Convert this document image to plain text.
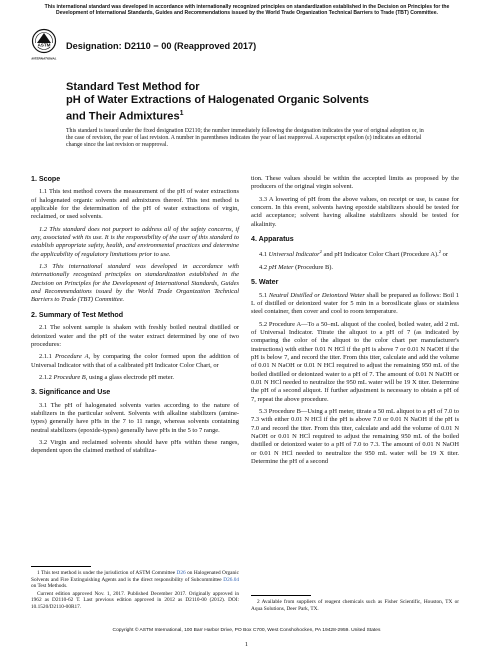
This international standard was developed in accordance with internationally recognized principles on standardization established in the Decision on Principles for the Development of International Standards, Guides and Recommendations issued by the World Trade Organization Technical Barriers to Trade (TBT) Committee.
ASTM
INTERNATIONAL
Designation: D2110 − 00 (Reapproved 2017)
Standard Test Method for
pH of Water Extractions of Halogenated Organic Solvents
and Their Admixtures$^1$
This standard is issued under the fixed designation D2110; the number immediately following the designation indicates the year of original adoption or, in the case of revision, the year of last revision. A number in parentheses indicates the year of last reapproval. A superscript epsilon (ε) indicates an editorial change since the last revision or reapproval.
1. Scope

1.1 This test method covers the measurement of the pH of water extractions of halogenated organic solvents and admixtures thereof. This test method is applicable for the determination of the pH of water extractions of virgin, reclaimed, or used solvents.

1.2 This standard does not purport to address all of the safety concerns, if any, associated with its use. It is the responsibility of the user of this standard to establish appropriate safety, health, and environmental practices and determine the applicability of regulatory limitations prior to use.

1.3 This international standard was developed in accordance with internationally recognized principles on standardization established in the Decision on Principles for the Development of International Standards, Guides and Recommendations issued by the World Trade Organization Technical Barriers to Trade (TBT) Committee.

2. Summary of Test Method

2.1 The solvent sample is shaken with freshly boiled neutral distilled or deionized water and the pH of the water extract determined by one of two procedures:

2.1.1 Procedure A, by comparing the color formed upon the addition of Universal Indicator with that of a calibrated pH Indicator Color Chart, or

2.1.2 Procedure B, using a glass electrode pH meter.

3. Significance and Use

3.1 The pH of halogenated solvents varies according to the nature of stabilizers in the particular solvent. Solvents with alkaline stabilizers (amine-types) generally have pHs in the 7 to 11 range, whereas solvents containing neutral stabilizers (epoxide-types) generally have pHs in the 5 to 7 range.

3.2 Virgin and reclaimed solvents should have pHs within these ranges, dependent upon the claimed method of stabiliza-

1 This test method is under the jurisdiction of ASTM Committee D26 on Halogenated Organic Solvents and Fire Extinguishing Agents and is the direct responsibility of Subcommittee D26.04 on Test Methods.

Current edition approved Nov. 1, 2017. Published December 2017. Originally approved in 1962 as D2110-62 T. Last previous edition approved in 2012 as D2110-00 (2012). DOI: 10.1520/D2110-00R17.

tion. These values should be within the accepted limits as proposed by the producers of the original virgin solvent.

3.3 A lowering of pH from the above values, on receipt or use, is cause for concern. In this event, solvents having epoxide stabilizers should be tested for acid acceptance; solvent having alkaline stabilizers should be tested for alkalinity.

4. Apparatus

4.1 Universal Indicator$^2$ and pH Indicator Color Chart (Procedure A).$^2$ or

4.2 pH Meter (Procedure B).

5. Water

5.1 Neutral Distilled or Deionized Water shall be prepared as follows: Boil 1 L of distilled or deionized water for 5 min in a borosilicate glass or stainless steel container, then cover and cool to room temperature.

5.2 Procedure A—To a 50–mL aliquot of the cooled, boiled water, add 2 mL of Universal Indicator. Titrate the aliquot to a pH of 7 (as indicated by comparing the color of the aliquot to the color chart per manufacturer's instructions) with either 0.01 N HCl if the pH is above 7 or 0.01 N NaOH if the pH is below 7, and record the titer. From this titer, calculate and add the volume of 0.01 N NaOH or 0.01 N HCl required to adjust the remaining 950 mL of the boiled distilled or deionized water to a pH of 7. The amount of 0.01 N NaOH or 0.01 N HCl needed to neutralize the 950 mL water will be 19 X titer. Determine the pH of a second aliquot. If further adjustment is necessary to obtain a pH of 7, repeat the above procedure.

5.3 Procedure B—Using a pH meter, titrate a 50 mL aliquot to a pH of 7.0 to 7.3 with either 0.01 N HCl if the pH is above 7.0 or 0.01 N NaOH if the pH is 7.0 and record the titer. From this titer, calculate and add the volume of 0.01 N NaOH or 0.01 N HCl required to adjust the remaining 950 mL of the boiled distilled or deionized water to a pH of 7.0 to 7.3. The amount of 0.01 N NaOH or 0.01 N HCl needed to neutralize the 950 mL water will be 19 X titer. Determine the pH of a second

2 Available from suppliers of reagent chemicals such as Fisher Scientific, Houston, TX or Aqua Solutions, Deer Park, TX.

Copyright © ASTM International, 100 Barr Harbor Drive, PO Box C700, West Conshohocken, PA 19428-2959. United States
1
